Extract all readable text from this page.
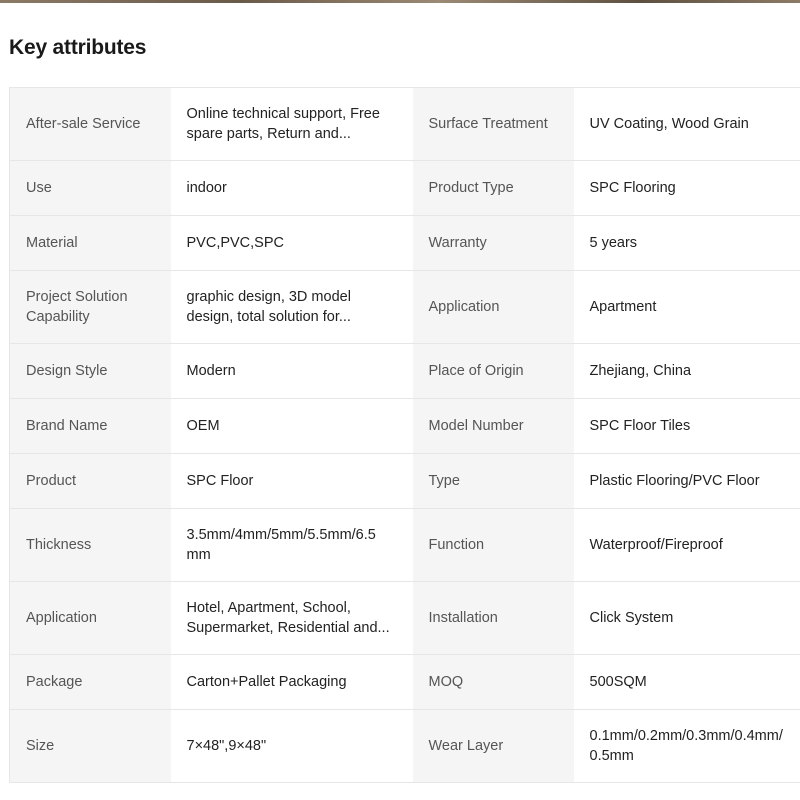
Key attributes
After-sale Service	Online technical support, Free spare parts, Return and...	Surface Treatment	UV Coating, Wood Grain
Use	indoor	Product Type	SPC Flooring
Material	PVC,PVC,SPC	Warranty	5 years
Project Solution Capability	graphic design, 3D model design, total solution for...	Application	Apartment
Design Style	Modern	Place of Origin	Zhejiang, China
Brand Name	OEM	Model Number	SPC Floor Tiles
Product	SPC Floor	Type	Plastic Flooring/PVC Floor
Thickness	3.5mm/4mm/5mm/5.5mm/6.5 mm	Function	Waterproof/Fireproof
Application	Hotel, Apartment, School, Supermarket, Residential and...	Installation	Click System
Package	Carton+Pallet Packaging	MOQ	500SQM
Size	7×48",9×48"	Wear Layer	0.1mm/0.2mm/0.3mm/0.4mm/ 0.5mm
